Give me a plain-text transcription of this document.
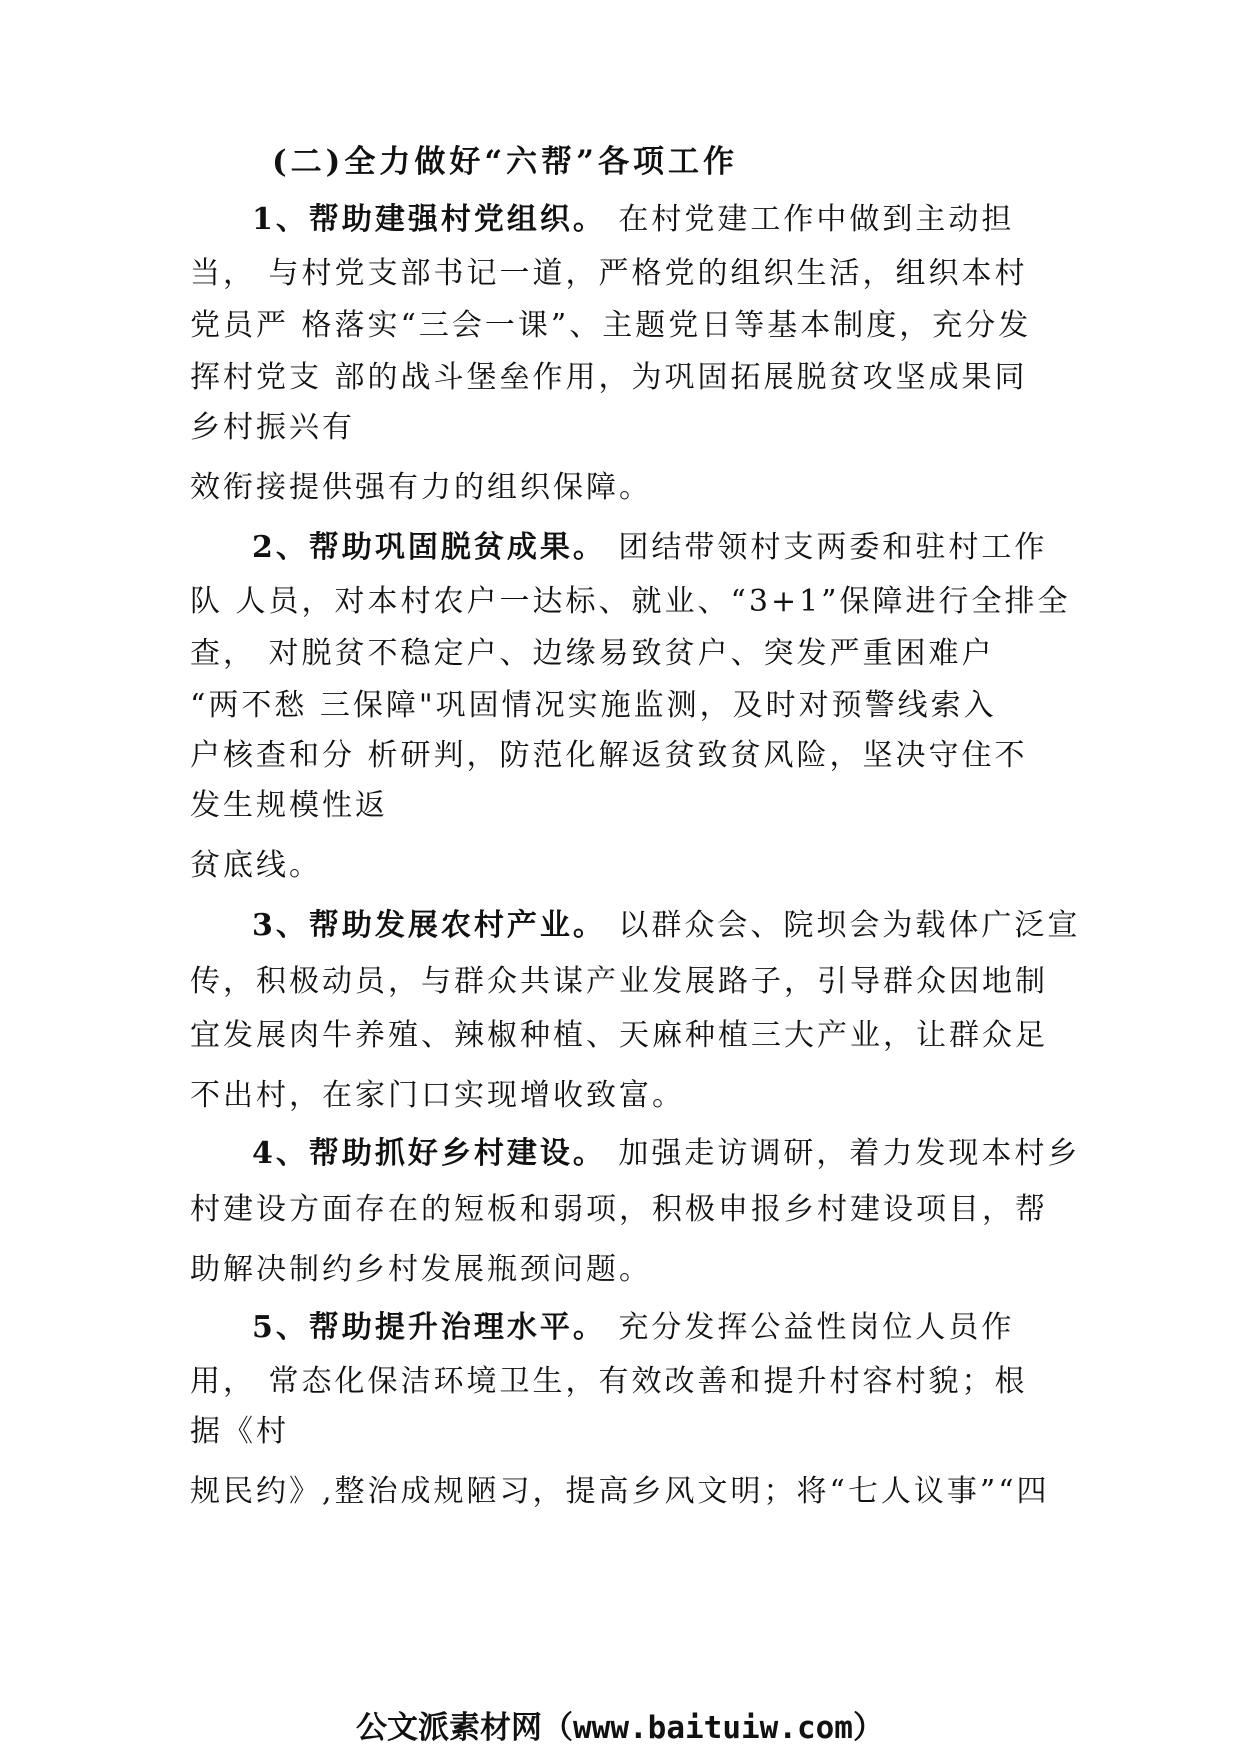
(二)全力做好“六帮”各项工作
1、帮助建强村党组织。 在村党建工作中做到主动担
当， 与村党支部书记一道，严格党的组织生活，组织本村
党员严 格落实“三会一课”、主题党日等基本制度，充分发
挥村党支 部的战斗堡垒作用，为巩固拓展脱贫攻坚成果同
乡村振兴有
效衔接提供强有力的组织保障。
2、帮助巩固脱贫成果。 团结带领村支两委和驻村工作
队 人员，对本村农户一达标、就业、“3+1”保障进行全排全
查， 对脱贫不稳定户、边缘易致贫户、突发严重困难户
“两不愁 三保障"巩固情况实施监测，及时对预警线索入
户核查和分 析研判，防范化解返贫致贫风险，坚决守住不
发生规模性返
贫底线。
3、帮助发展农村产业。 以群众会、院坝会为载体广泛宣
传，积极动员，与群众共谋产业发展路子，引导群众因地制
宜发展肉牛养殖、辣椒种植、天麻种植三大产业，让群众足
不出村，在家门口实现增收致富。
4、帮助抓好乡村建设。 加强走访调研，着力发现本村乡
村建设方面存在的短板和弱项，积极申报乡村建设项目，帮
助解决制约乡村发展瓶颈问题。
5、帮助提升治理水平。 充分发挥公益性岗位人员作
用， 常态化保洁环境卫生，有效改善和提升村容村貌；根
据《村
规民约》,整治成规陋习，提高乡风文明；将“七人议事”“四
公文派素材网（www.baituiw.com）
